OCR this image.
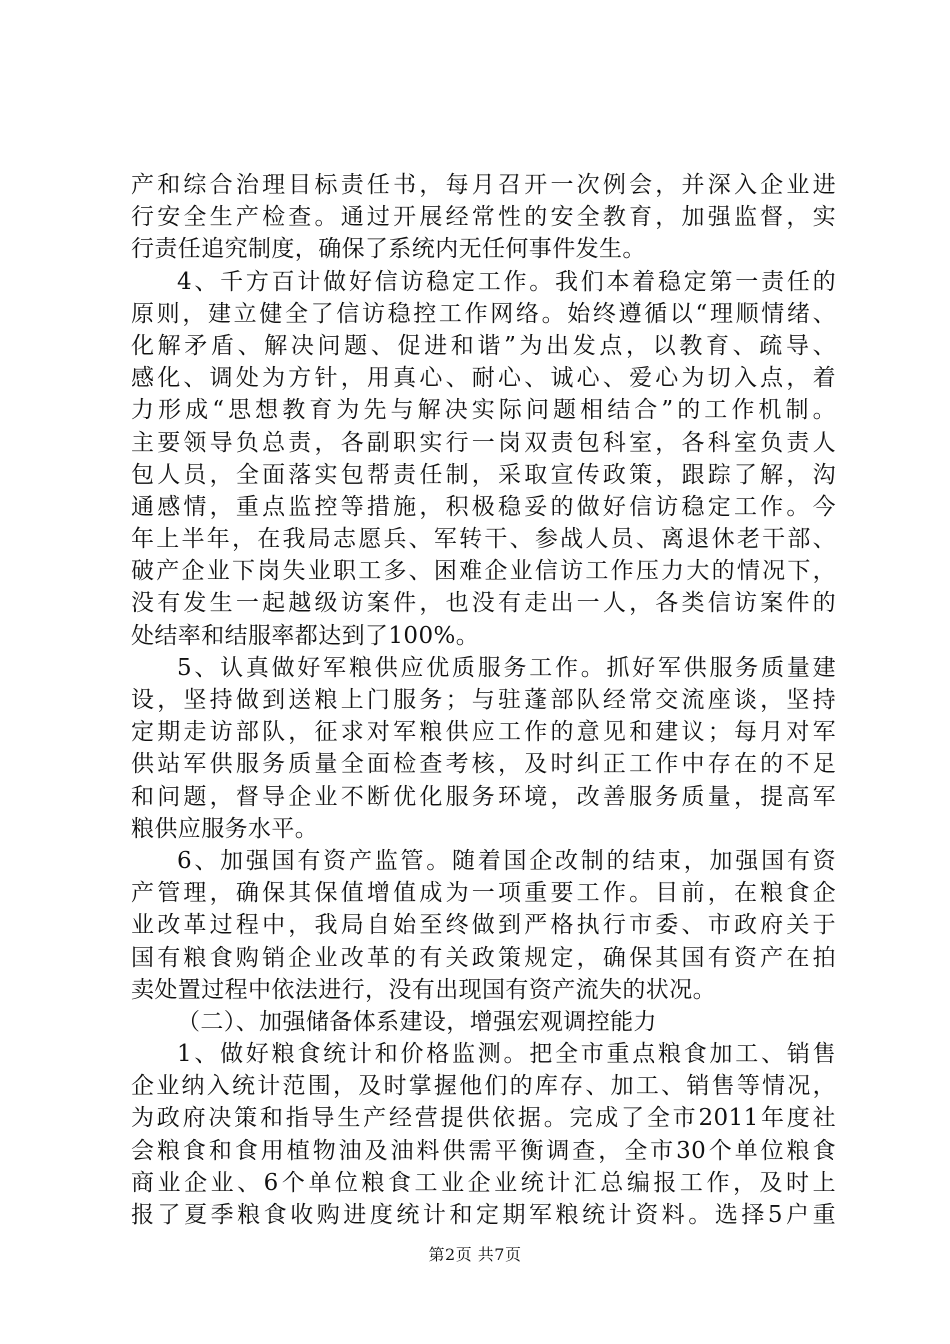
产和综合治理目标责任书，每月召开一次例会，并深入企业进
行安全生产检查。通过开展经常性的安全教育，加强监督，实
行责任追究制度，确保了系统内无任何事件发生。
4、千方百计做好信访稳定工作。我们本着稳定第一责任的
原则，建立健全了信访稳控工作网络。始终遵循以“理顺情绪、
化解矛盾、解决问题、促进和谐”为出发点，以教育、疏导、
感化、调处为方针，用真心、耐心、诚心、爱心为切入点，着
力形成“思想教育为先与解决实际问题相结合”的工作机制。
主要领导负总责，各副职实行一岗双责包科室，各科室负责人
包人员，全面落实包帮责任制，采取宣传政策，跟踪了解，沟
通感情，重点监控等措施，积极稳妥的做好信访稳定工作。今
年上半年，在我局志愿兵、军转干、参战人员、离退休老干部、
破产企业下岗失业职工多、困难企业信访工作压力大的情况下，
没有发生一起越级访案件，也没有走出一人，各类信访案件的
处结率和结服率都达到了100%。
5、认真做好军粮供应优质服务工作。抓好军供服务质量建
设，坚持做到送粮上门服务；与驻蓬部队经常交流座谈，坚持
定期走访部队，征求对军粮供应工作的意见和建议；每月对军
供站军供服务质量全面检查考核，及时纠正工作中存在的不足
和问题，督导企业不断优化服务环境，改善服务质量，提高军
粮供应服务水平。
6、加强国有资产监管。随着国企改制的结束，加强国有资
产管理，确保其保值增值成为一项重要工作。目前，在粮食企
业改革过程中，我局自始至终做到严格执行市委、市政府关于
国有粮食购销企业改革的有关政策规定，确保其国有资产在拍
卖处置过程中依法进行，没有出现国有资产流失的状况。
（二）、加强储备体系建设，增强宏观调控能力
1、做好粮食统计和价格监测。把全市重点粮食加工、销售
企业纳入统计范围，及时掌握他们的库存、加工、销售等情况，
为政府决策和指导生产经营提供依据。完成了全市2011年度社
会粮食和食用植物油及油料供需平衡调查，全市30个单位粮食
商业企业、6个单位粮食工业企业统计汇总编报工作，及时上
报了夏季粮食收购进度统计和定期军粮统计资料。选择5户重
第2页 共7页
